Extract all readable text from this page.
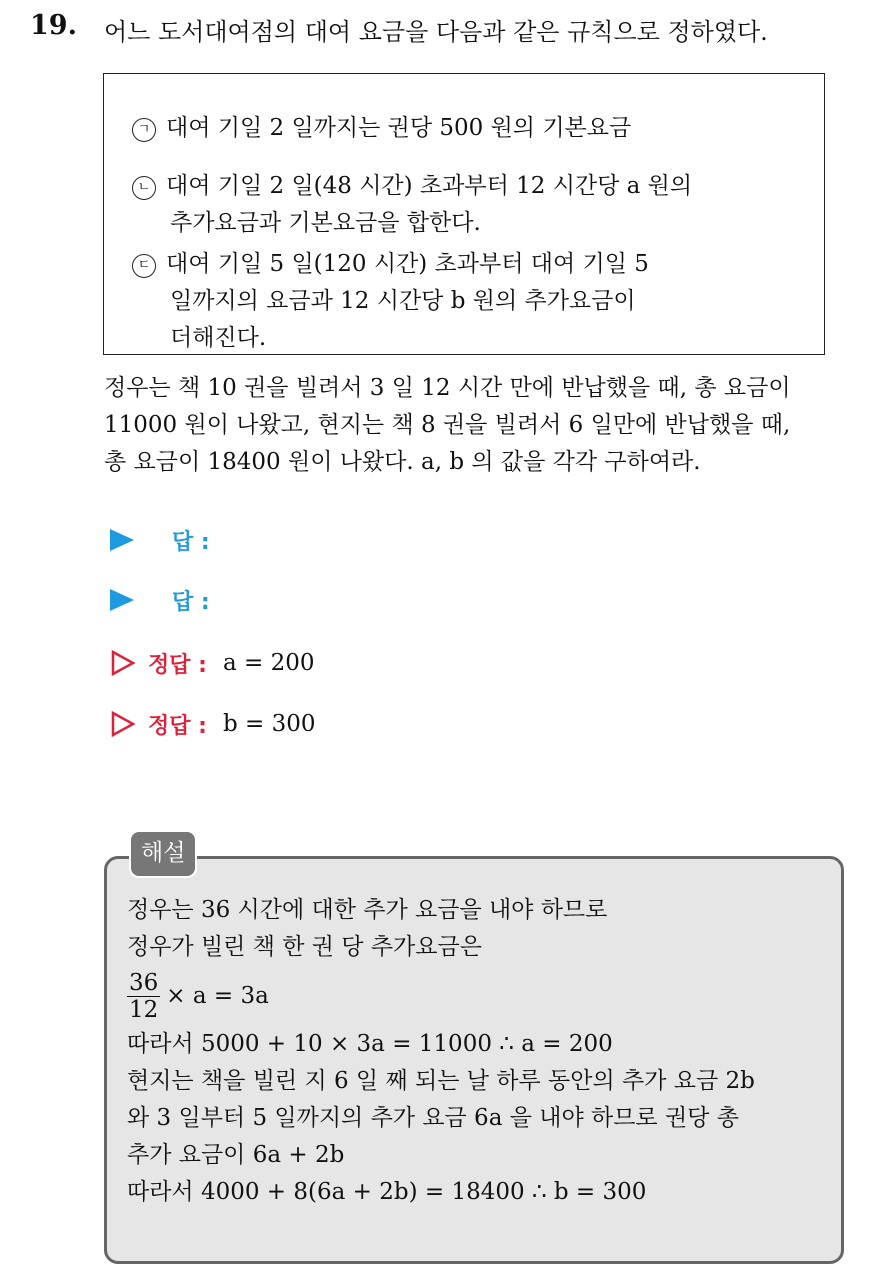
19. 어느 도서대여점의 대여 요금을 다음과 같은 규칙으로 정하였다.
ㄱ 대여 기일 2 일까지는 권당 500 원의 기본요금
ㄴ 대여 기일 2 일(48 시간) 초과부터 12 시간당 a 원의
추가요금과 기본요금을 합한다.
ㄷ 대여 기일 5 일(120 시간) 초과부터 대여 기일 5
일까지의 요금과 12 시간당 b 원의 추가요금이
더해진다.
정우는 책 10 권을 빌려서 3 일 12 시간 만에 반납했을 때, 총 요금이
11000 원이 나왔고, 현지는 책 8 권을 빌려서 6 일만에 반납했을 때,
총 요금이 18400 원이 나왔다. a, b 의 값을 각각 구하여라.
답 :
답 :
정답 : a = 200
정답 : b = 300
해설
정우는 36 시간에 대한 추가 요금을 내야 하므로
정우가 빌린 책 한 권 당 추가요금은
$\frac{36}{12} \times a = 3a$
따라서 5000 + 10 × 3a = 11000 ∴ a = 200
현지는 책을 빌린 지 6 일 째 되는 날 하루 동안의 추가 요금 2b
와 3 일부터 5 일까지의 추가 요금 6a 을 내야 하므로 권당 총
추가 요금이 6a + 2b
따라서 4000 + 8(6a + 2b) = 18400 ∴ b = 300
